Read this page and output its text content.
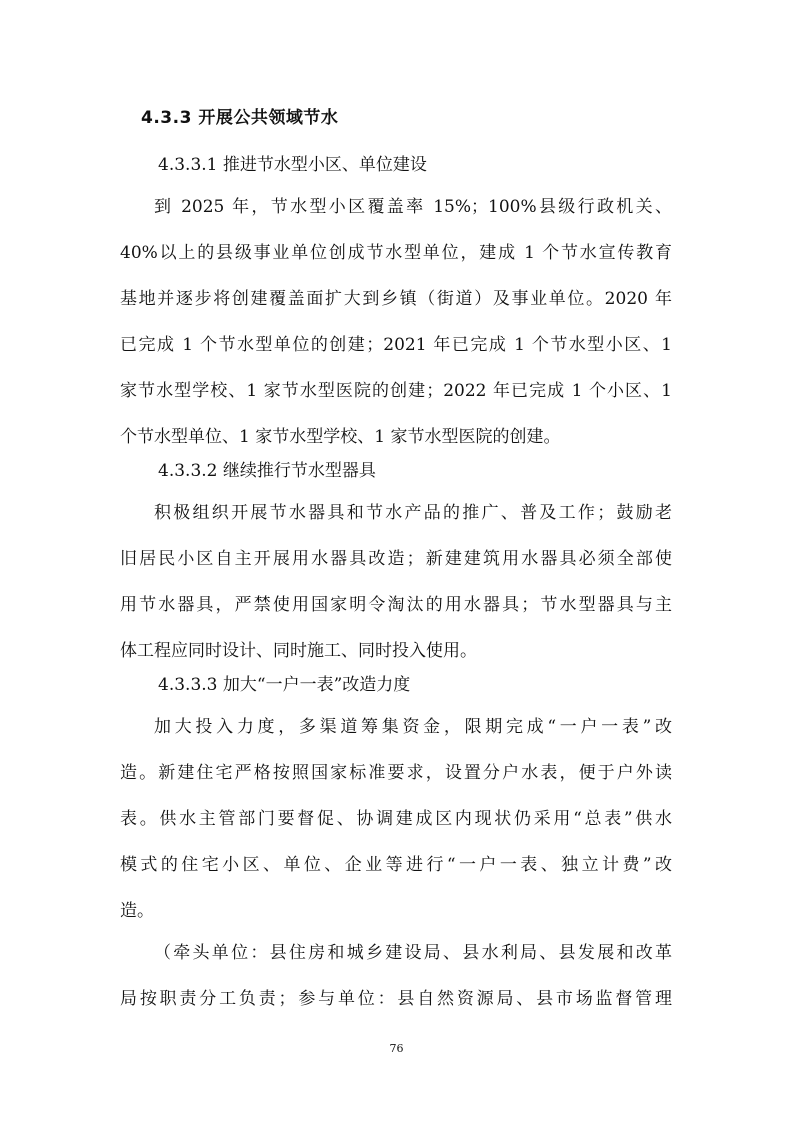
4.3.3 开展公共领域节水

4.3.3.1 推进节水型小区、单位建设

到 2025 年，节水型小区覆盖率 15%；100%县级行政机关、
40%以上的县级事业单位创成节水型单位，建成 1 个节水宣传教育
基地并逐步将创建覆盖面扩大到乡镇（街道）及事业单位。2020 年
已完成 1 个节水型单位的创建；2021 年已完成 1 个节水型小区、1
家节水型学校、1 家节水型医院的创建；2022 年已完成 1 个小区、1
个节水型单位、1 家节水型学校、1 家节水型医院的创建。

4.3.3.2 继续推行节水型器具

积极组织开展节水器具和节水产品的推广、普及工作；鼓励老
旧居民小区自主开展用水器具改造；新建建筑用水器具必须全部使
用节水器具，严禁使用国家明令淘汰的用水器具；节水型器具与主
体工程应同时设计、同时施工、同时投入使用。

4.3.3.3 加大“一户一表”改造力度

加大投入力度，多渠道筹集资金，限期完成“一户一表”改
造。新建住宅严格按照国家标准要求，设置分户水表，便于户外读
表。供水主管部门要督促、协调建成区内现状仍采用“总表”供水
模式的住宅小区、单位、企业等进行“一户一表、独立计费”改
造。
（牵头单位：县住房和城乡建设局、县水利局、县发展和改革
局按职责分工负责；参与单位：县自然资源局、县市场监督管理

76
